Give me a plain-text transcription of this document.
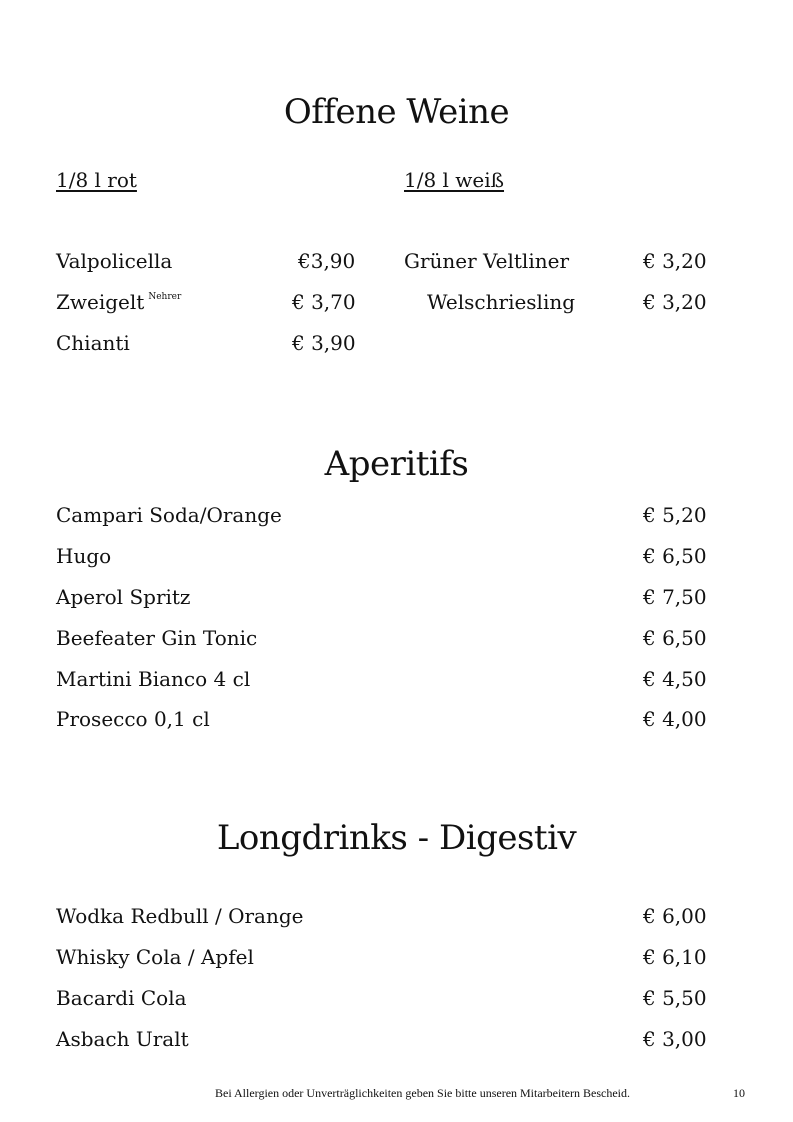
Offene Weine
1/8 l rot	1/8 l weiß
Valpolicella	€3,90
Zweigelt $^{Nehrer}$	€ 3,70
Chianti	€ 3,90
Grüner Veltliner	€ 3,20
Welschriesling	€ 3,20
Aperitifs
Campari Soda/Orange	€ 5,20
Hugo	€ 6,50
Aperol Spritz	€ 7,50
Beefeater Gin Tonic	€ 6,50
Martini Bianco 4 cl	€ 4,50
Prosecco 0,1 cl	€ 4,00
Longdrinks - Digestiv
Wodka Redbull / Orange	€ 6,00
Whisky Cola / Apfel	€ 6,10
Bacardi Cola	€ 5,50
Asbach Uralt	€ 3,00
Bei Allergien oder Unverträglichkeiten geben Sie bitte unseren Mitarbeitern Bescheid.	10
